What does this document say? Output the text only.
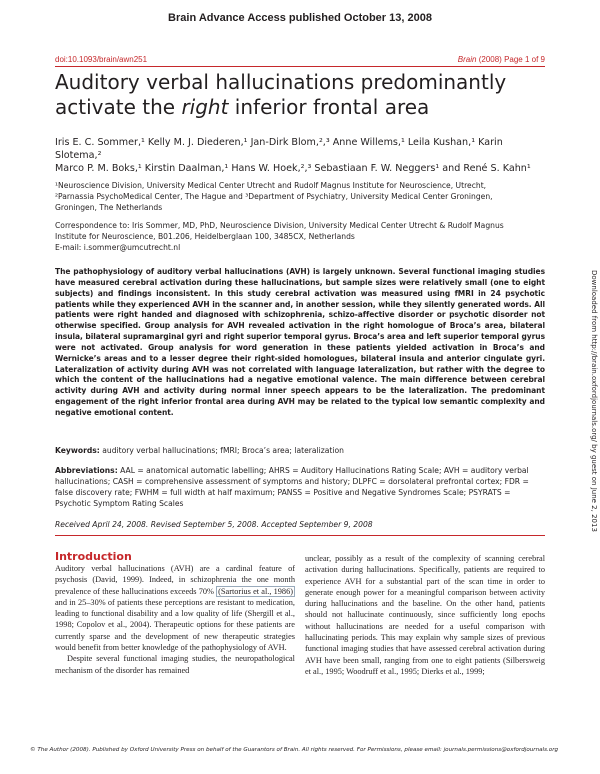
Brain Advance Access published October 13, 2008
doi:10.1093/brain/awn251	Brain (2008) Page 1 of 9
Auditory verbal hallucinations predominantly activate the right inferior frontal area
Iris E. C. Sommer,¹ Kelly M. J. Diederen,¹ Jan-Dirk Blom,²,³ Anne Willems,¹ Leila Kushan,¹ Karin Slotema,²
Marco P. M. Boks,¹ Kirstin Daalman,¹ Hans W. Hoek,²,³ Sebastiaan F. W. Neggers¹ and René S. Kahn¹
¹Neuroscience Division, University Medical Center Utrecht and Rudolf Magnus Institute for Neuroscience, Utrecht,
²Parnassia PsychoMedical Center, The Hague and ³Department of Psychiatry, University Medical Center Groningen,
Groningen, The Netherlands
Correspondence to: Iris Sommer, MD, PhD, Neuroscience Division, University Medical Center Utrecht & Rudolf Magnus
Institute for Neuroscience, B01.206, Heidelberglaan 100, 3485CX, Netherlands
E-mail: i.sommer@umcutrecht.nl

The pathophysiology of auditory verbal hallucinations (AVH) is largely unknown. Several functional imaging studies have measured cerebral activation during these hallucinations, but sample sizes were relatively small (one to eight subjects) and findings inconsistent. In this study cerebral activation was measured using fMRI in 24 psychotic patients while they experienced AVH in the scanner and, in another session, while they silently generated words. All patients were right handed and diagnosed with schizophrenia, schizo-affective disorder or psychotic disorder not otherwise specified. Group analysis for AVH revealed activation in the right homologue of Broca’s area, bilateral insula, bilateral supramarginal gyri and right superior temporal gyrus. Broca’s area and left superior temporal gyrus were not activated. Group analysis for word generation in these patients yielded activation in Broca’s and Wernicke’s areas and to a lesser degree their right-sided homologues, bilateral insula and anterior cingulate gyri. Lateralization of activity during AVH was not correlated with language lateralization, but rather with the degree to which the content of the hallucinations had a negative emotional valence. The main difference between cerebral activity during AVH and activity during normal inner speech appears to be the lateralization. The predominant engagement of the right inferior frontal area during AVH may be related to the typical low semantic complexity and negative emotional content.

Keywords: auditory verbal hallucinations; fMRI; Broca’s area; lateralization
Abbreviations: AAL = anatomical automatic labelling; AHRS = Auditory Hallucinations Rating Scale; AVH = auditory verbal hallucinations; CASH = comprehensive assessment of symptoms and history; DLPFC = dorsolateral prefrontal cortex; FDR = false discovery rate; FWHM = full width at half maximum; PANSS = Positive and Negative Syndromes Scale; PSYRATS = Psychotic Symptom Rating Scales
Received April 24, 2008. Revised September 5, 2008. Accepted September 9, 2008
Introduction

Auditory verbal hallucinations (AVH) are a cardinal feature of psychosis (David, 1999). Indeed, in schizophrenia the one month prevalence of these hallucinations exceeds 70% (Sartorius et al., 1986) and in 25–30% of patients these perceptions are resistant to medication, leading to functional disability and a low quality of life (Shergill et al., 1998; Copolov et al., 2004). Therapeutic options for these patients are currently sparse and the development of new therapeutic strategies would benefit from better knowledge of the pathophysiology of AVH.

Despite several functional imaging studies, the neuropathological mechanism of the disorder has remained

unclear, possibly as a result of the complexity of scanning cerebral activation during hallucinations. Specifically, patients are required to experience AVH for a substantial part of the scan time in order to generate enough power for a meaningful comparison between activity during hallucinations and the baseline. On the other hand, patients should not hallucinate continuously, since sufficiently long epochs without hallucinations are needed for a useful comparison with hallucinating periods. This may explain why sample sizes of previous functional imaging studies that have assessed cerebral activation during AVH have been small, ranging from one to eight patients (Silbersweig et al., 1995; Woodruff et al., 1995; Dierks et al., 1999;

© The Author (2008). Published by Oxford University Press on behalf of the Guarantors of Brain. All rights reserved. For Permissions, please email: journals.permissions@oxfordjournals.org
Downloaded from http://brain.oxfordjournals.org/ by guest on June 2, 2013
